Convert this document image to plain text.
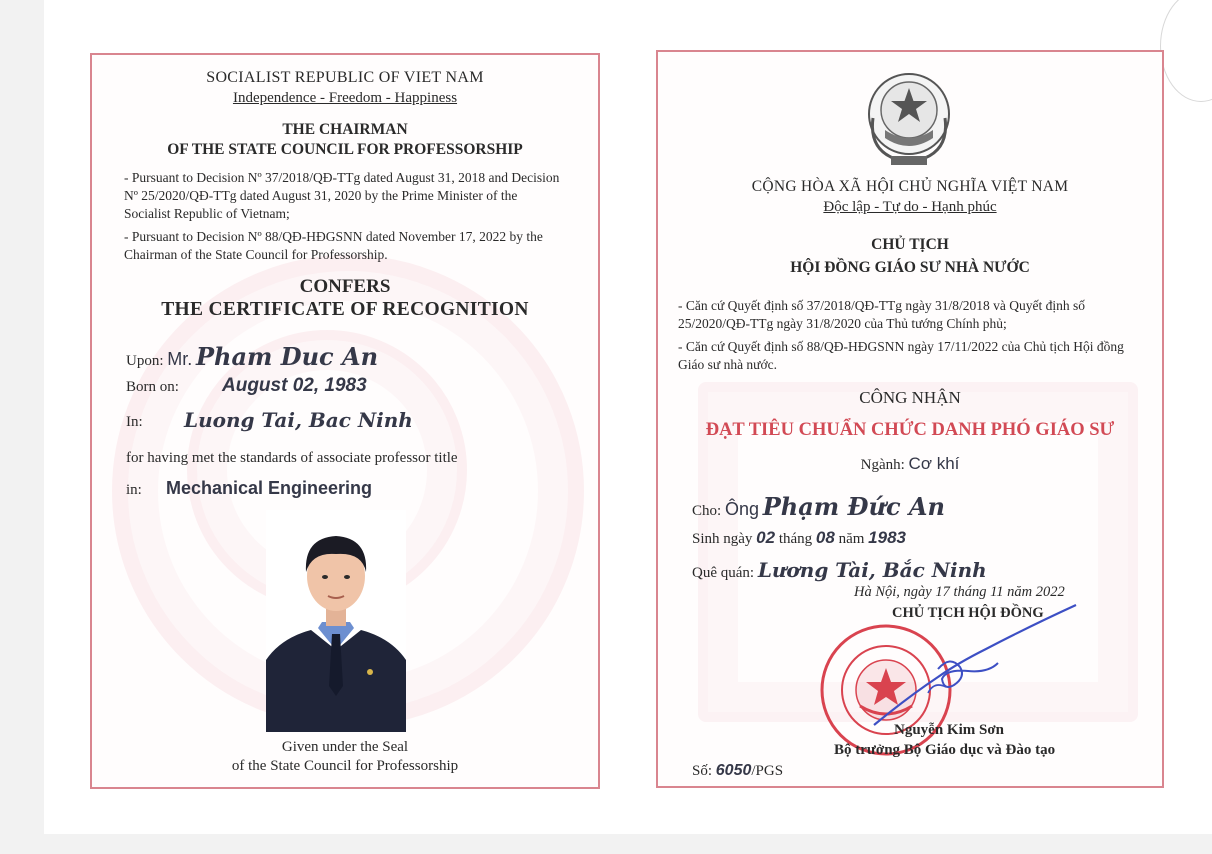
SOCIALIST REPUBLIC OF VIET NAM
Independence - Freedom - Happiness
THE CHAIRMAN
OF THE STATE COUNCIL FOR PROFESSORSHIP
- Pursuant to Decision Nº 37/2018/QĐ-TTg dated August 31, 2018 and Decision Nº 25/2020/QĐ-TTg dated August 31, 2020 by the Prime Minister of the Socialist Republic of Vietnam;
- Pursuant to Decision Nº 88/QĐ-HĐGSNN dated November 17, 2022 by the Chairman of the State Council for Professorship.
CONFERS
THE CERTIFICATE OF RECOGNITION
Upon: Mr. Pham Duc An
Born on: August 02, 1983
In: Luong Tai, Bac Ninh
for having met the standards of associate professor title
in: Mechanical Engineering
Given under the Seal
of the State Council for Professorship
CỘNG HÒA XÃ HỘI CHỦ NGHĨA VIỆT NAM
Độc lập - Tự do - Hạnh phúc
CHỦ TỊCH
HỘI ĐỒNG GIÁO SƯ NHÀ NƯỚC
- Căn cứ Quyết định số 37/2018/QĐ-TTg ngày 31/8/2018 và Quyết định số 25/2020/QĐ-TTg ngày 31/8/2020 của Thủ tướng Chính phủ;
- Căn cứ Quyết định số 88/QĐ-HĐGSNN ngày 17/11/2022 của Chủ tịch Hội đồng Giáo sư nhà nước.
CÔNG NHẬN
ĐẠT TIÊU CHUẨN CHỨC DANH PHÓ GIÁO SƯ
Ngành: Cơ khí
Cho: Ông Phạm Đức An
Sinh ngày 02 tháng 08 năm 1983
Quê quán: Lương Tài, Bắc Ninh
Hà Nội, ngày 17 tháng 11 năm 2022
CHỦ TỊCH HỘI ĐỒNG
Nguyễn Kim Sơn
Bộ trưởng Bộ Giáo dục và Đào tạo
Số: 6050/PGS
